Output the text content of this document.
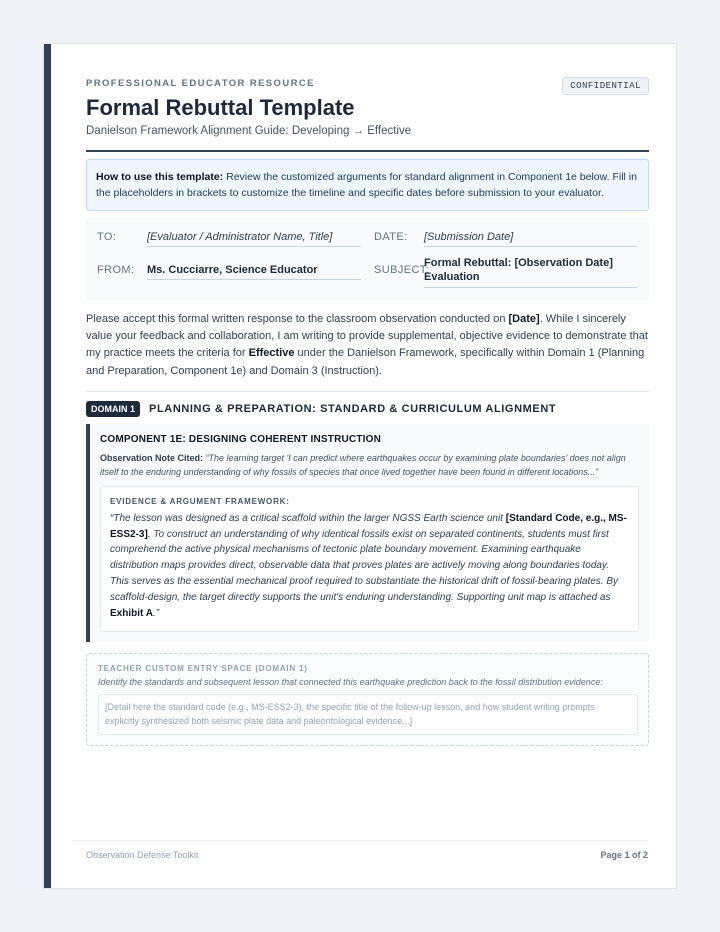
PROFESSIONAL EDUCATOR RESOURCE	CONFIDENTIAL
Formal Rebuttal Template
Danielson Framework Alignment Guide: Developing → Effective
How to use this template: Review the customized arguments for standard alignment in Component 1e below. Fill in the placeholders in brackets to customize the timeline and specific dates before submission to your evaluator.
TO:	[Evaluator / Administrator Name, Title]	DATE: [Submission Date]
FROM: Ms. Cucciarre, Science Educator	SUBJECT:
Formal Rebuttal: [Observation Date] Evaluation

Please accept this formal written response to the classroom observation conducted on [Date]. While I sincerely value your feedback and collaboration, I am writing to provide supplemental, objective evidence to demonstrate that my practice meets the criteria for Effective under the Danielson Framework, specifically within Domain 1 (Planning and Preparation, Component 1e) and Domain 3 (Instruction).

DOMAIN 1	PLANNING & PREPARATION: STANDARD & CURRICULUM ALIGNMENT
COMPONENT 1E: DESIGNING COHERENT INSTRUCTION

Observation Note Cited: “The learning target 'I can predict where earthquakes occur by examining plate boundaries' does not align itself to the enduring understanding of why fossils of species that once lived together have been found in different locations...”

EVIDENCE & ARGUMENT FRAMEWORK:

“The lesson was designed as a critical scaffold within the larger NGSS Earth science unit [Standard Code, e.g., MS-ESS2-3]. To construct an understanding of why identical fossils exist on separated continents, students must first comprehend the active physical mechanisms of tectonic plate boundary movement. Examining earthquake distribution maps provides direct, observable data that proves plates are actively moving along boundaries today. This serves as the essential mechanical proof required to substantiate the historical drift of fossil-bearing plates. By scaffold-design, the target directly supports the unit's enduring understanding. Supporting unit map is attached as Exhibit A.”

TEACHER CUSTOM ENTRY SPACE (DOMAIN 1)
Identify the standards and subsequent lesson that connected this earthquake prediction back to the fossil distribution evidence:
[Detail here the standard code (e.g., MS-ESS2-3), the specific title of the follow-up lesson, and how student writing prompts explicitly synthesized both seismic plate data and paleontological evidence...]
Observation Defense Toolkit	Page 1 of 2
